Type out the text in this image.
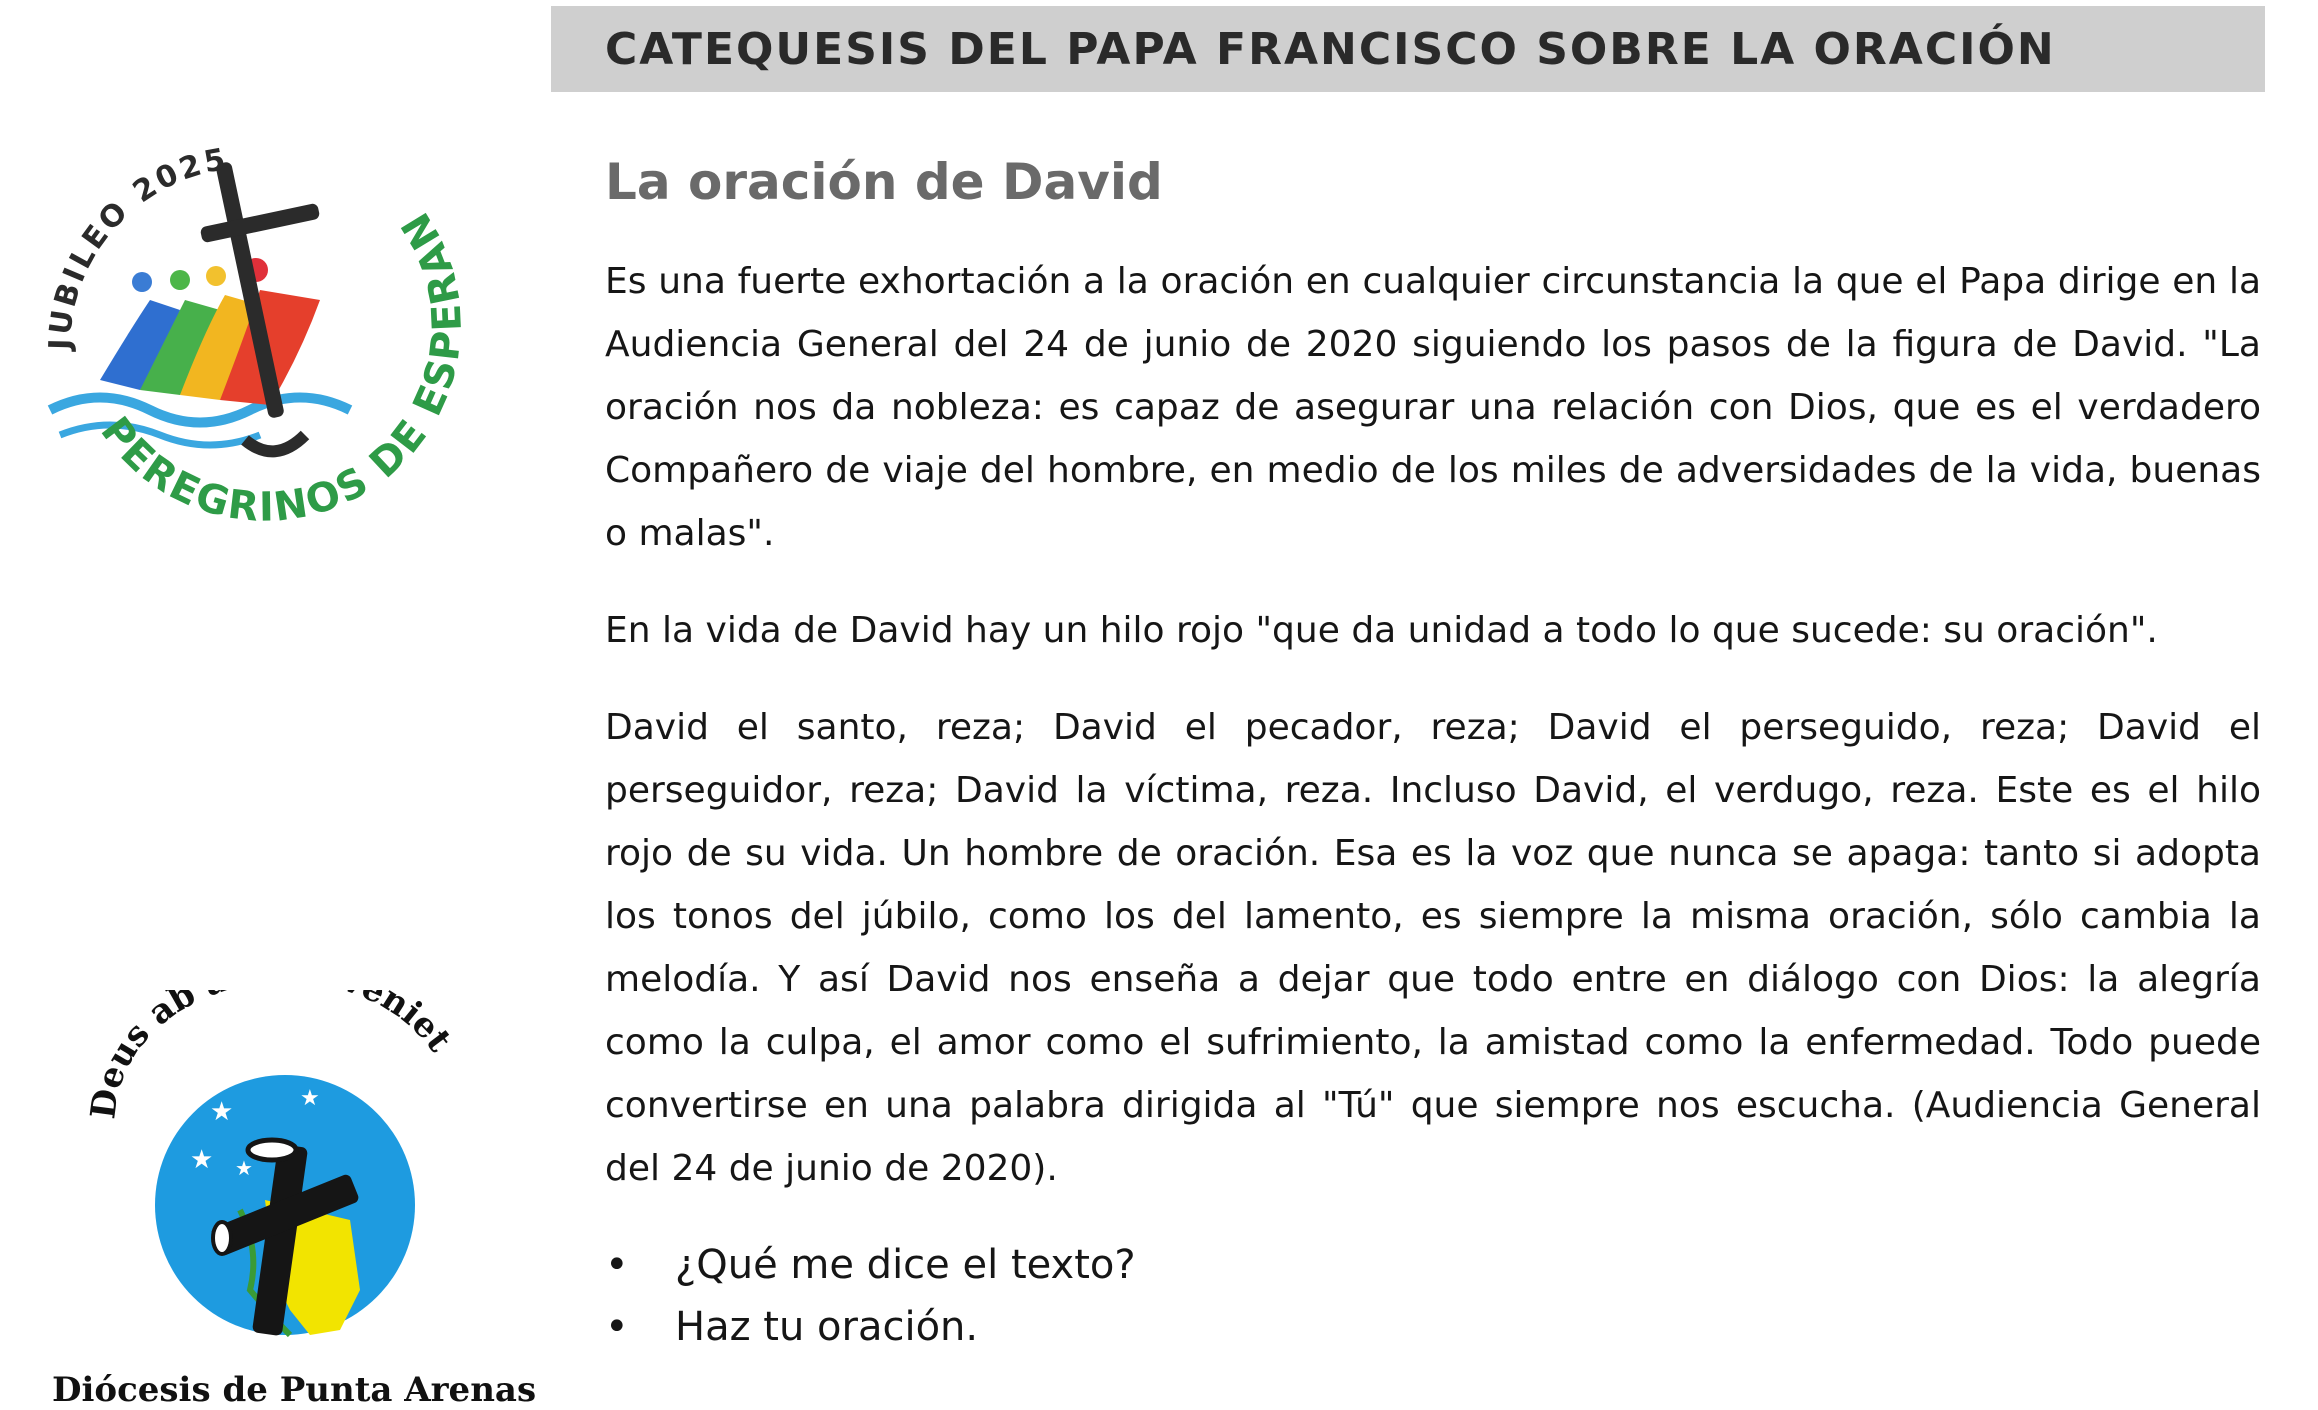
CATEQUESIS DEL PAPA FRANCISCO SOBRE LA ORACIÓN
JUBILEO 2025
PEREGRINOS DE ESPERAN
Deus ab niet
★	★
★ ★
Diócesis de Punta Arenas
La oración de David

Es una fuerte exhortación a la oración en cualquier circunstancia la que el Papa dirige en la Audiencia General del 24 de junio de 2020 siguiendo los pasos de la figura de David. "La oración nos da nobleza: es capaz de asegurar una relación con Dios, que es el verdadero Compañero de viaje del hombre, en medio de los miles de adversidades de la vida, buenas o malas".

En la vida de David hay un hilo rojo "que da unidad a todo lo que sucede: su oración".

David el santo, reza; David el pecador, reza; David el perseguido, reza; David el perseguidor, reza; David la víctima, reza. Incluso David, el verdugo, reza. Este es el hilo rojo de su vida. Un hombre de oración. Esa es la voz que nunca se apaga: tanto si adopta los tonos del júbilo, como los del lamento, es siempre la misma oración, sólo cambia la melodía. Y así David nos enseña a dejar que todo entre en diálogo con Dios: la alegría como la culpa, el amor como el sufrimiento, la amistad como la enfermedad. Todo puede convertirse en una palabra dirigida al "Tú" que siempre nos escucha. (Audiencia General del 24 de junio de 2020).

• ¿Qué me dice el texto?
• Haz tu oración.
